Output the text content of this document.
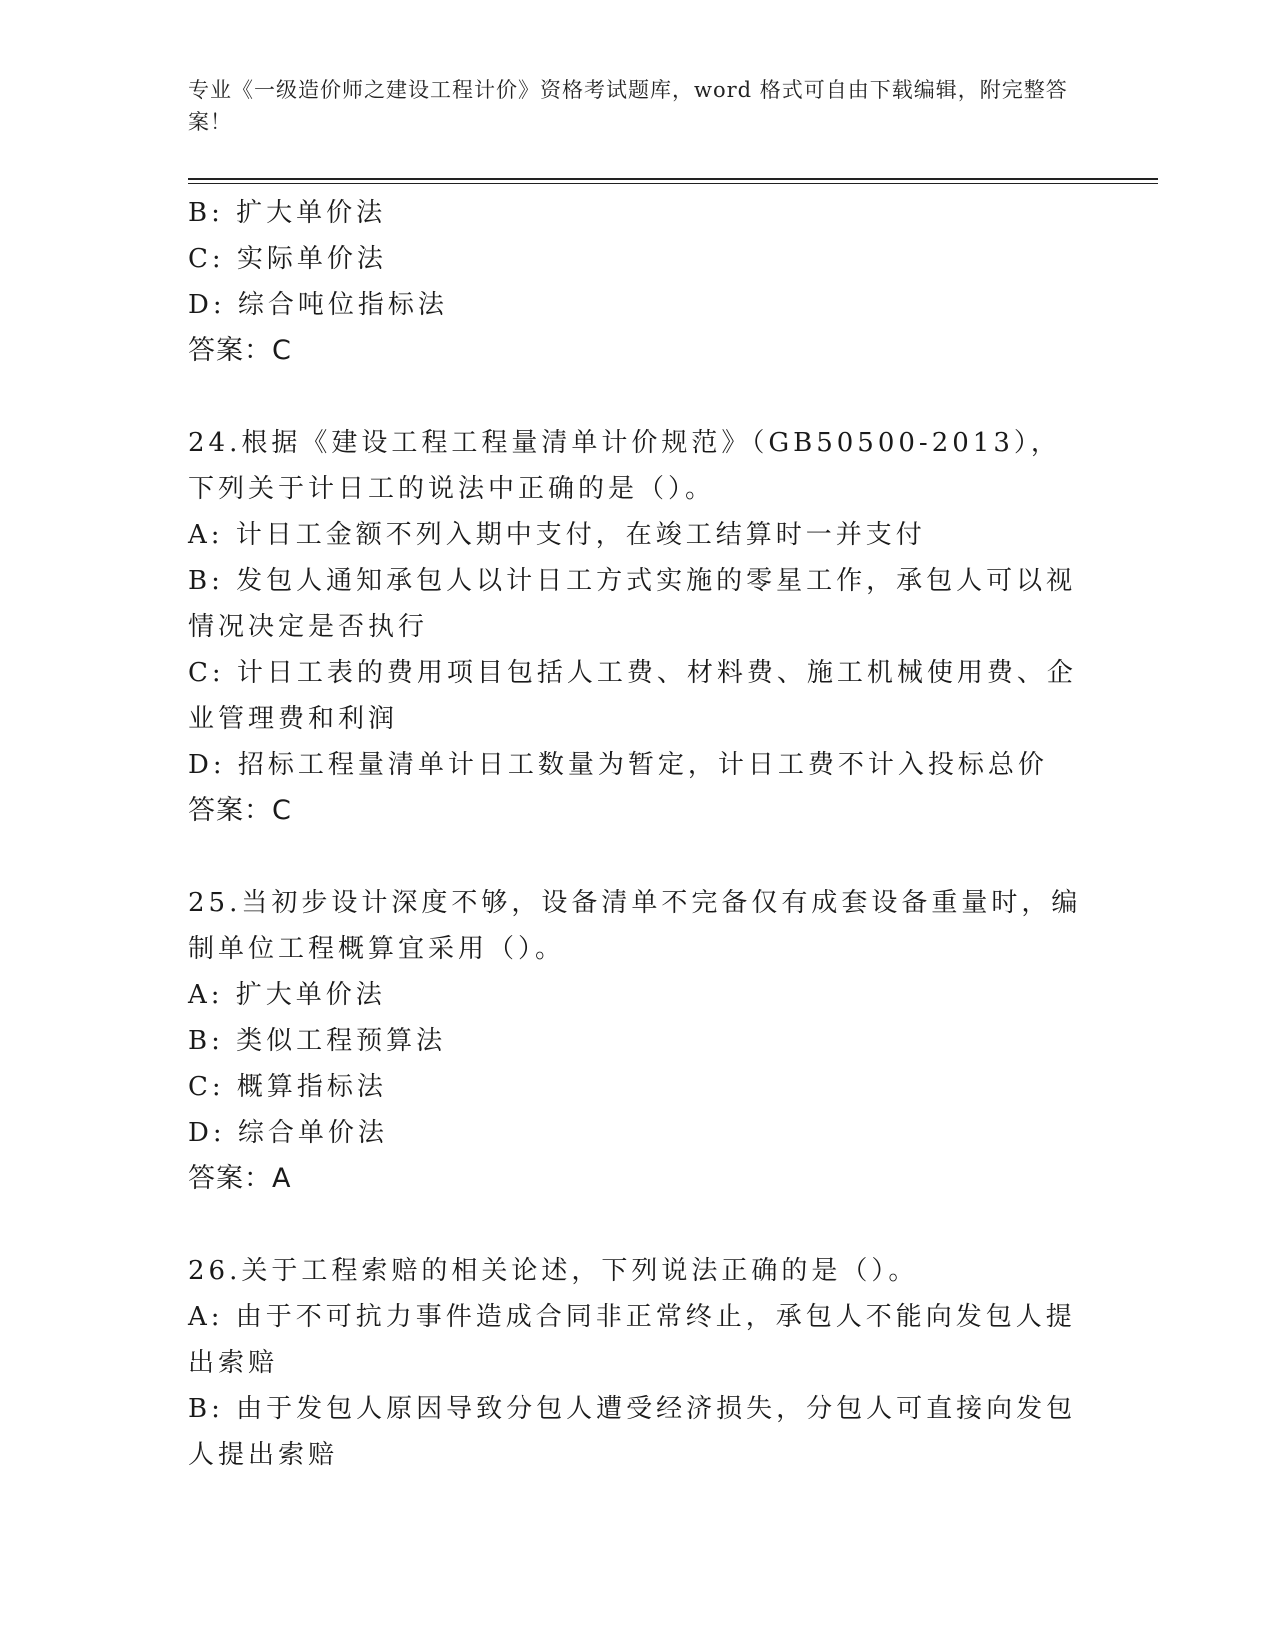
专业《一级造价师之建设工程计价》资格考试题库，word 格式可自由下载编辑，附完整答案！
B: 扩大单价法
C: 实际单价法
D: 综合吨位指标法
答案：C
24.根据《建设工程工程量清单计价规范》（GB50500-2013），下列关于计日工的说法中正确的是（）。
A: 计日工金额不列入期中支付，在竣工结算时一并支付
B: 发包人通知承包人以计日工方式实施的零星工作，承包人可以视情况决定是否执行
C: 计日工表的费用项目包括人工费、材料费、施工机械使用费、企业管理费和利润
D: 招标工程量清单计日工数量为暂定，计日工费不计入投标总价
答案：C
25.当初步设计深度不够，设备清单不完备仅有成套设备重量时，编制单位工程概算宜采用（）。
A: 扩大单价法
B: 类似工程预算法
C: 概算指标法
D: 综合单价法
答案：A
26.关于工程索赔的相关论述，下列说法正确的是（）。
A: 由于不可抗力事件造成合同非正常终止，承包人不能向发包人提出索赔
B: 由于发包人原因导致分包人遭受经济损失，分包人可直接向发包人提出索赔
